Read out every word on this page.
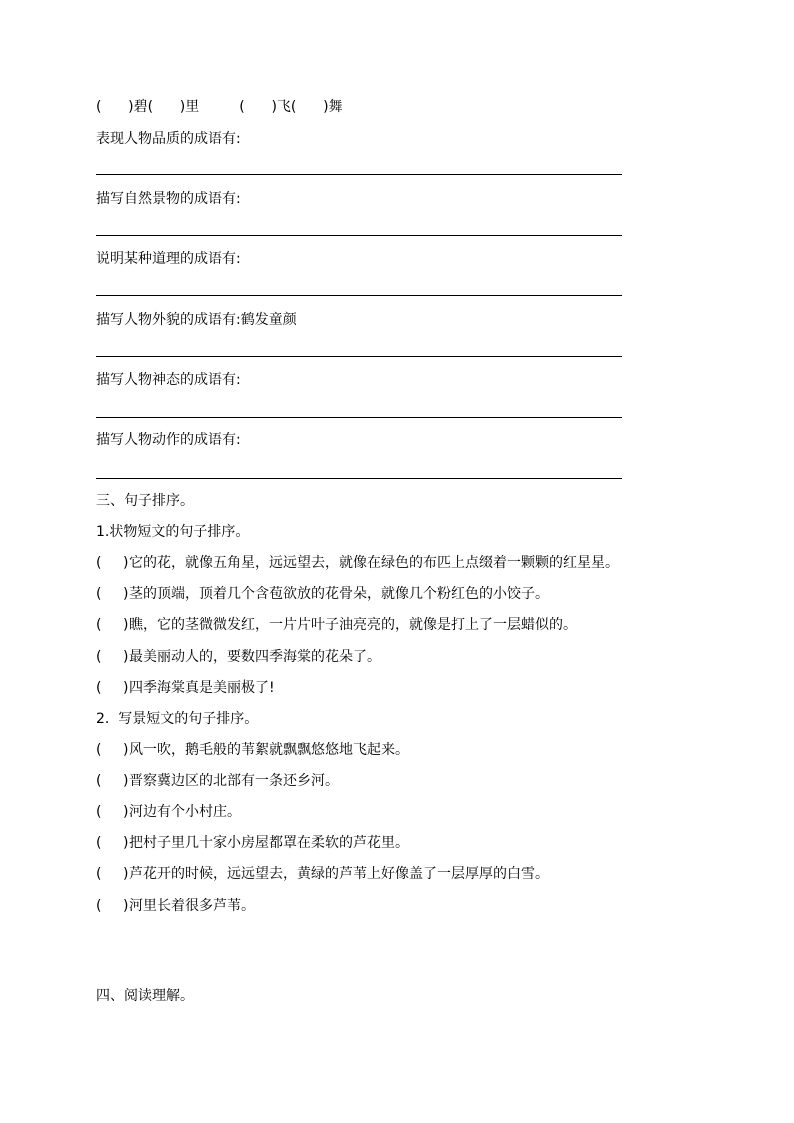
(      )碧(      )里         (      )飞(      )舞
表现人物品质的成语有:
描写自然景物的成语有:
说明某种道理的成语有:
描写人物外貌的成语有:鹤发童颜
描写人物神态的成语有:
描写人物动作的成语有:
三、句子排序。
1.状物短文的句子排序。
( )它的花，就像五角星，远远望去，就像在绿色的布匹上点缀着一颗颗的红星星。
( )茎的顶端，顶着几个含苞欲放的花骨朵，就像几个粉红色的小饺子。
( )瞧，它的茎微微发红，一片片叶子油亮亮的，就像是打上了一层蜡似的。
( )最美丽动人的，要数四季海棠的花朵了。
( )四季海棠真是美丽极了!
2.  写景短文的句子排序。
( )风一吹，鹅毛般的苇絮就飘飘悠悠地飞起来。
( )晋察冀边区的北部有一条还乡河。
( )河边有个小村庄。
( )把村子里几十家小房屋都罩在柔软的芦花里。
( )芦花开的时候，远远望去，黄绿的芦苇上好像盖了一层厚厚的白雪。
( )河里长着很多芦苇。
四、阅读理解。
